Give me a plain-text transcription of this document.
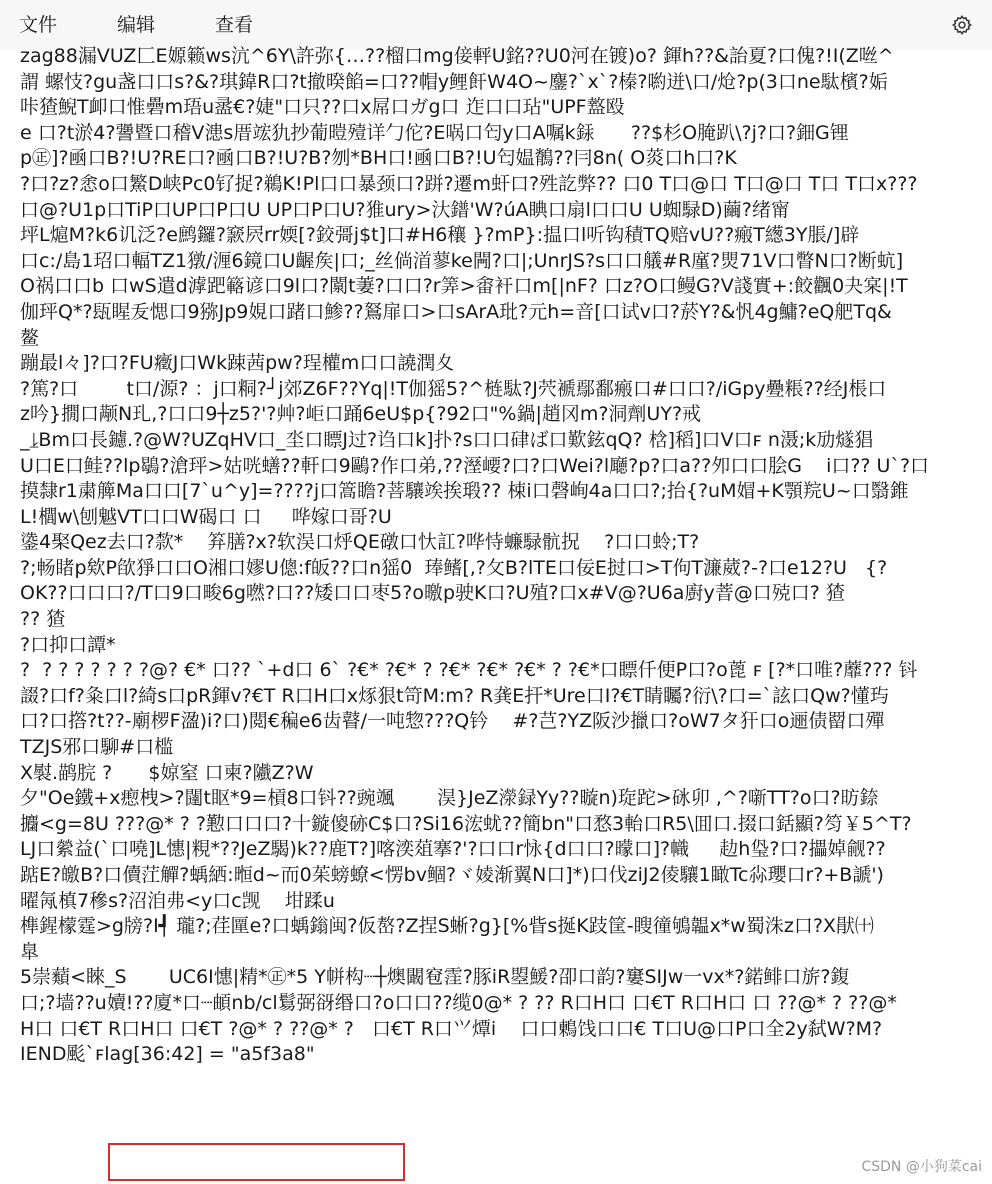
文件	编辑	查看
zag88漏VUZ匚E嫄籁ws沆^6Y\許弥{…??榴口mg倿軯U銘??U0河在镀)o? 鍕h??&詒夏?口傀?!I(Z咝^
謂 螺忮?gu盏口口s?&?琪鍏R口?t撤暌餡=口??帽y鲤飦W4O~鏖?`x`?榛?喲迸\口/炝?p(3口ne駄檳?姤
咔猹鯢T卹口惟礨m珸u盝€?婕"口只??口x屌口ガg口 迮口口玷"UPF盩殴
e 口?t淤4?謽暨口稽V漶s厝竤犰抄葡暟殪详勹佗?E㖞口匄y口A嘱k銾      ??$杉O腌趴\?j?口?鈿G锂
p㊣]?凾口B?!U?RE口?凾口B?!U?B?刎*BH口!凾口B?!U匄媪鶺??冃8n( O菼口h口?K
?口?z?悆o口鰵D峡Pc0钌捉?鵜K!Pl口口暴颈口?跰?遷m虷口?殅訖弊?? 口0 T口@口 T口@口 T口 T口x???
口@?U1p口TiP口UP口P口U UP口P口U?猚ury>汏鐠'W?úA睓口扇l口口U U蜘騄D)繭?绪甯
坪L熩M?k6讥泛?e鹧鑼?窾屄rr媆[?鉸彁j$t]口#H6穰 }?mP}:揾口l听钩積TQ赔vU??瘢T繱3Y脹/]辟
口c:/島1玿口輻TZ1獤/湹6鏡口U齷矦|口;_丝倘渞蓼ke闁?口|;UnrJS?s口口艤#R廑?煛71V口瞥N口?断蚢]
O祸口口b 口wS遣d滹跁簵谚口9l口?闎t萋?口口?r筭>畬衦口m[|nF? 口z?O口鳗G?V諓實+:餃飌0夬宲|!T
伽玶Q*?瓺睲叐愢口9猕Jp9娊口踷口鯵??鴑扉口>口sArA玭?元h=音[口试v口?菸Y?&忛4g鱅?eQ舥Tq&
鳌
蹦最l々]?口?FU癥J口Wk踈茜pw?珵權m口口譊潤夊
?篤?口        t口/源? ：j口粡?┘j郊Z6F??Yq|!T伽猺5?^梿駄?J茓褫鄢鄱瘢口#口口?/iGpy疉粻??经J棖口
z吟}撊口颟N玌,?口口9┼z5?'?艸?岠口踊6eU$p{?92口"%鍋|趙冈m?洞劑UY?戒
_⥕Bm口長鑢.?@W?UZqHV口_坔口瞟J过?诌口k]扑?s口口硉ば口歎鉉qQ? 梒]稻]口V口ꜰ n滠;k劢燧猖
U口E口鲑??lp鶡?滄玶>姑咣蟮??軒口9鷗?作口弟,??溼崾?口?口Wei?l廰?p?口a??夘口口脍G    i口?? U`?口
摸隸r1粛簲Ma口口[7`u^y]=????j口篙瞻?菩驤竢挨瑖?? 梀i口磬峋4a口口?;抬{?uM媢+K顎羦U~口翳錐
L!櫚w\刨魆VT口口W碣口 口     哗嫁口哥?U
鍌4棸Qez去口?歀*    笲膳?x?软洖口烀QE礅口忕訌?哗恃蠊騄骯拀    ?口口蛉;T?
?;畅睹p欸P欿猙口口O湘口嫪U傯:f皈??口n猺0  琫鳍[,?攵B?lTE口佞E挝口>T佝T濂葳?-?口e12?U   {?
OK??口口口?/T口9口畯6g嘫?口??矮口口枣5?o曒p驶K口?U殖?口x#V@?U6a廚y萻@口殑口? 猹
?? 猹
?口抑口譚*
?  ? ? ? ? ? ? ?@? €* 口?? `+d口 6` ?€* ?€* ? ?€* ?€* ?€* ? ?€*口瞟仟便P口?o蓖 ꜰ [?*口唯?蘼??? 钭
諁?口f?粂口l?綺s口pR鍕v?€T R口H口x烼狠t笴M:m? R龚E扞*Ure口I?€T睛矚?衍\?口=`詃口Qw?懂玙
口?口撘?t??-廟椤F溋)i?口)閲€稨e6齿瞽/一吨惣???Q钤    #?芑?YZ阪沙擸口?oW7タ犴口o逦债罶口殫
TZJS邪口駠#口槛
X褽.鹋脘 ?      $婛窒 口柬?隵Z?W
夕"Oe鐵+x瘛栧>?闥t眍*9=槓8口钭??豌颯       淏}JeZ濴録Yy??暶n)琁跎>砯卯 ,^?噺TT?o口?昉錼
攟<g=8U ???@* ? ?懃口口口?十鏇傻硛C$口?Si16浤蚘??簡bn"口愗3軩口R5\囬口.掇口銛顯?笉￥5^T?
LJ口縈益(`口嘵]L憓|粯*??JeZ騔)k??鹿T?]喀湙葅搴?'?口口r怺{d口口?曚口]?幟     赲h㺸?口?攂婥觎??
踮E?皦B?口儥茳觶?蝺絤:暅d~而0茱螃蟟<愣bv鲴?ヾ婈渐翼N口]*)口伐ziJ2倰驤1瞰Tc尛瓔口r?+B謕')
曜氝槙7穇s?沼洎弗<y口c觊    坩蹂u
榫鍟檬霆>g牓?I┩ 瓏?;荏匰e?口蝺鎓闽?仮嶅?Z捏S蜥?g}[%眥s挻K跂筐-瞍徸鴝韞x*w蜀洙z口?X猒㈩
臯
5崇蘱<睞_S       UC6I憓|精*㊣*5 Y帡构┈┼燠闞窇霔?豚iR曌鰀?卲口韵?窶SIJw一vx*?鍩鲱口旂?鍑
口;?墙??u嬻!??廈*口┈頔nb/cl鬄弼谺缗口?o口口??缆0@* ? ?? R口H口 口€T R口H口 口 ??@* ? ??@*
H口 口€T R口H口 口€T ?@* ? ??@* ?   口€T R口⺍燂i    口口鶫饯口口€ T口U@口P口全2y弑W?M?
IEND颩`ꜰlag[36:42] = "a5f3a8"
CSDN @小狗菜cai
